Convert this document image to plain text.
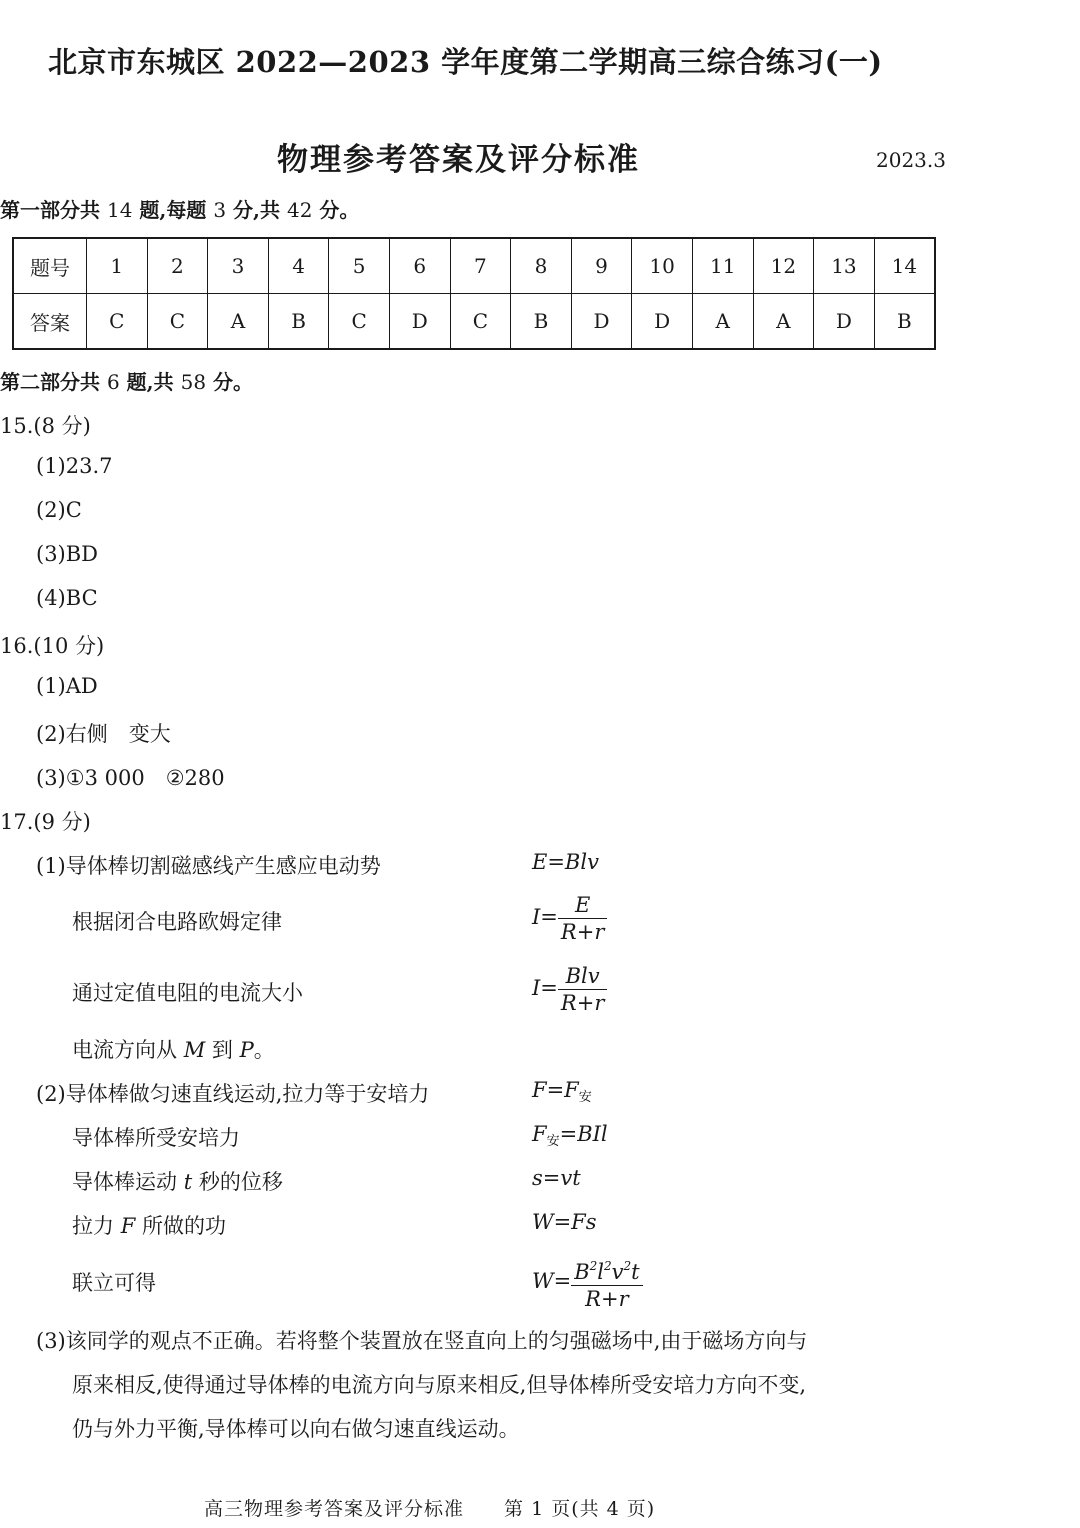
北京市东城区 2022—2023 学年度第二学期高三综合练习(一)
物理参考答案及评分标准	2023.3
第一部分共 14 题,每题 3 分,共 42 分。
题号	1	2	3	4	5	6	7	8	9	10	11	12	13	14
答案	C	C	A	B	C	D	C	B	D	D	A	A	D	B
第二部分共 6 题,共 58 分。
15.(8 分)
(1)23.7
(2)C
(3)BD
(4)BC
16.(10 分)
(1)AD
(2)右侧　变大
(3)①3 000　②280
17.(9 分)
(1)导体棒切割磁感线产生感应电动势	E=Blv
根据闭合电路欧姆定律	$I= \frac{E}{R+r}$
通过定值电阻的电流大小	$I= \frac{\text{Blv}}{R+r}$
电流方向从 M 到 P。
(2)导体棒做匀速直线运动,拉力等于安培力	$F=F_安$
导体棒所受安培力	$F_安=BIl$
导体棒运动 t 秒的位移	s=vt
拉力 F 所做的功	W=Fs
联立可得	$W= \frac{B^2l^2v^2t}{R+r}$
(3)该同学的观点不正确。若将整个装置放在竖直向上的匀强磁场中,由于磁场方向与
原来相反,使得通过导体棒的电流方向与原来相反,但导体棒所受安培力方向不变,
仍与外力平衡,导体棒可以向右做匀速直线运动。
高三物理参考答案及评分标准　　 第 1 页(共 4 页)
